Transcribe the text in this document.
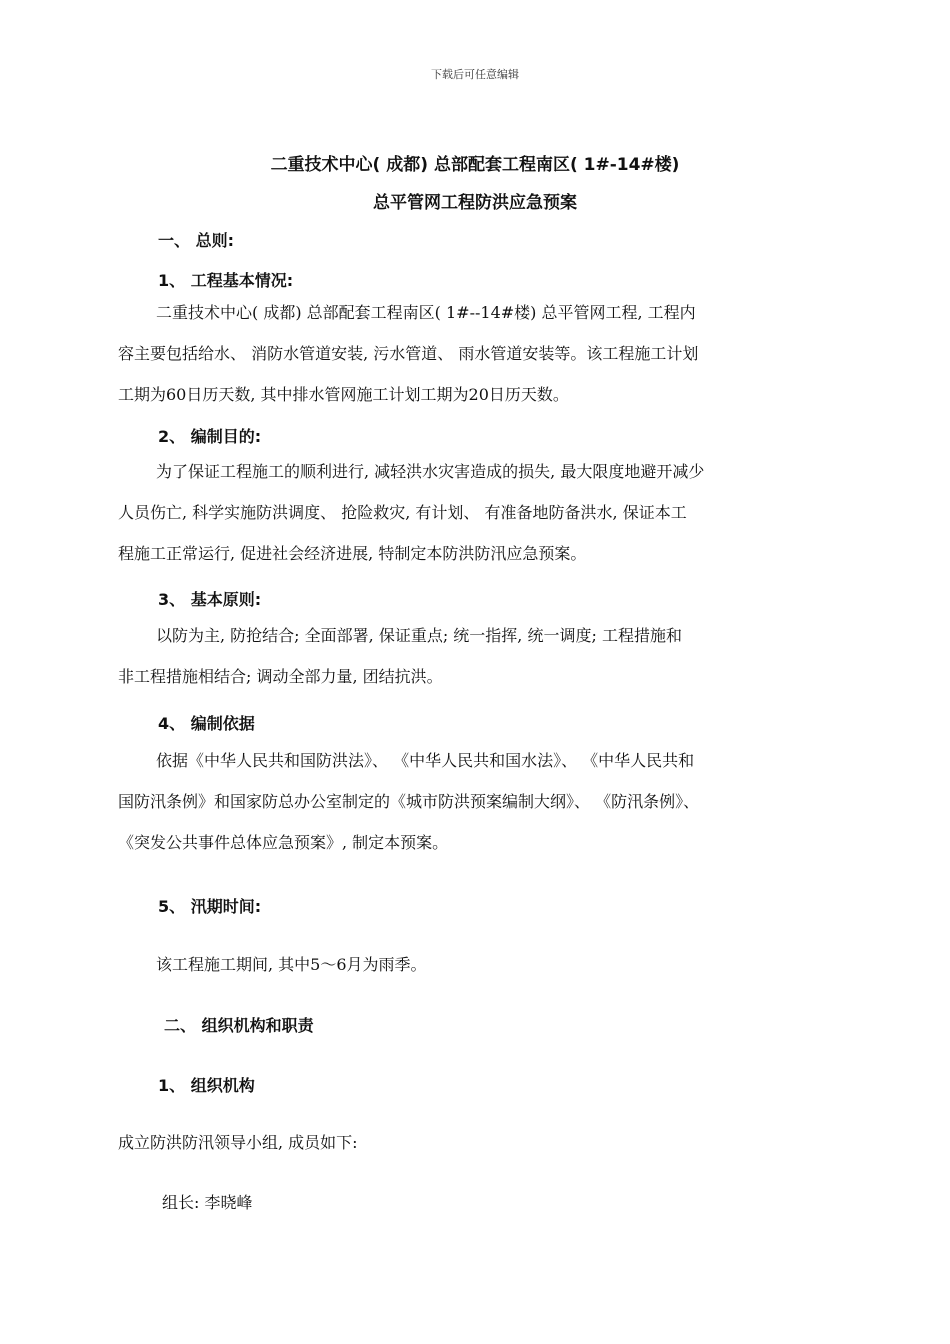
下载后可任意编辑
二重技术中心( 成都) 总部配套工程南区( 1#-14#楼)
总平管网工程防洪应急预案
一、 总则:
1、 工程基本情况:
二重技术中心( 成都) 总部配套工程南区( 1#--14#楼) 总平管网工程, 工程内
容主要包括给水、 消防水管道安装, 污水管道、 雨水管道安装等。该工程施工计划
工期为60日历天数, 其中排水管网施工计划工期为20日历天数。
2、 编制目的:
为了保证工程施工的顺利进行, 减轻洪水灾害造成的损失, 最大限度地避开减少
人员伤亡, 科学实施防洪调度、 抢险救灾, 有计划、 有准备地防备洪水, 保证本工
程施工正常运行, 促进社会经济进展, 特制定本防洪防汛应急预案。
3、 基本原则:
以防为主, 防抢结合; 全面部署, 保证重点; 统一指挥, 统一调度; 工程措施和
非工程措施相结合; 调动全部力量, 团结抗洪。
4、 编制依据
依据《中华人民共和国防洪法》、 《中华人民共和国水法》、 《中华人民共和
国防汛条例》和国家防总办公室制定的《城市防洪预案编制大纲》、 《防汛条例》、
《突发公共事件总体应急预案》, 制定本预案。
5、 汛期时间:
该工程施工期间, 其中5～6月为雨季。
二、 组织机构和职责
1、 组织机构
成立防洪防汛领导小组, 成员如下:
组长: 李晓峰
